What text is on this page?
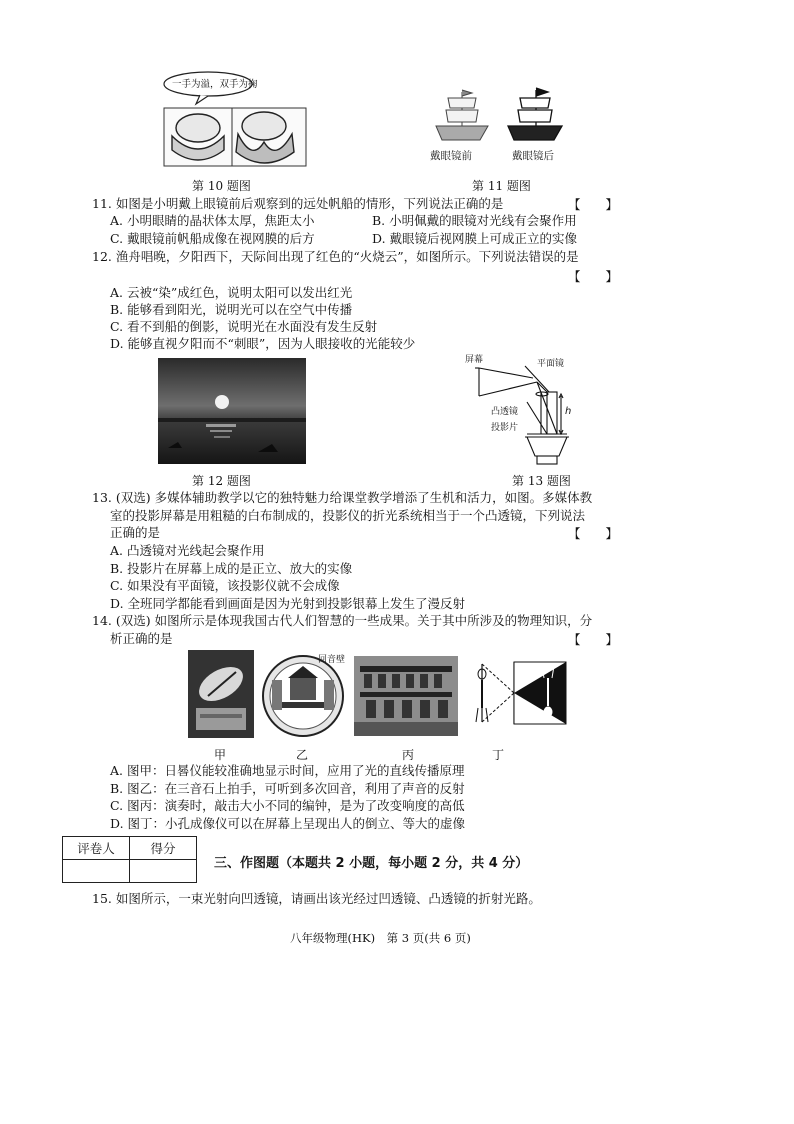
一手为溢，双手为掬
第 10 题图
戴眼镜前	戴眼镜后
第 11 题图
11. 如图是小明戴上眼镜前后观察到的远处帆船的情形，下列说法正确的是	【　　】
A. 小明眼睛的晶状体太厚，焦距太小	B. 小明佩戴的眼镜对光线有会聚作用
C. 戴眼镜前帆船成像在视网膜的后方	D. 戴眼镜后视网膜上可成正立的实像
12. 渔舟唱晚，夕阳西下，天际间出现了红色的“火烧云”，如图所示。下列说法错误的是
【　　】
A. 云被“染”成红色，说明太阳可以发出红光
B. 能够看到阳光，说明光可以在空气中传播
C. 看不到船的倒影，说明光在水面没有发生反射
D. 能够直视夕阳而不“刺眼”，因为人眼接收的光能较少
第 12 题图
屏幕	平面镜
凸透镜	h
投影片
第 13 题图
13. (双选) 多媒体辅助教学以它的独特魅力给课堂教学增添了生机和活力，如图。多媒体教
室的投影屏幕是用粗糙的白布制成的，投影仪的折光系统相当于一个凸透镜，下列说法
正确的是	【　　】
A. 凸透镜对光线起会聚作用
B. 投影片在屏幕上成的是正立、放大的实像
C. 如果没有平面镜，该投影仪就不会成像
D. 全班同学都能看到画面是因为光射到投影银幕上发生了漫反射
14. (双选) 如图所示是体现我国古代人们智慧的一些成果。关于其中所涉及的物理知识，分
析正确的是	【　　】
回音壁
甲	乙	丙	丁
A. 图甲：日晷仪能较准确地显示时间，应用了光的直线传播原理
B. 图乙：在三音石上拍手，可听到多次回音，利用了声音的反射
C. 图丙：演奏时，敲击大小不同的编钟，是为了改变响度的高低
D. 图丁：小孔成像仪可以在屏幕上呈现出人的倒立、等大的虚像
评卷人	得分

三、作图题（本题共 2 小题，每小题 2 分，共 4 分）
15. 如图所示，一束光射向凹透镜，请画出该光经过凹透镜、凸透镜的折射光路。
八年级物理(HK)　第 3 页(共 6 页)
